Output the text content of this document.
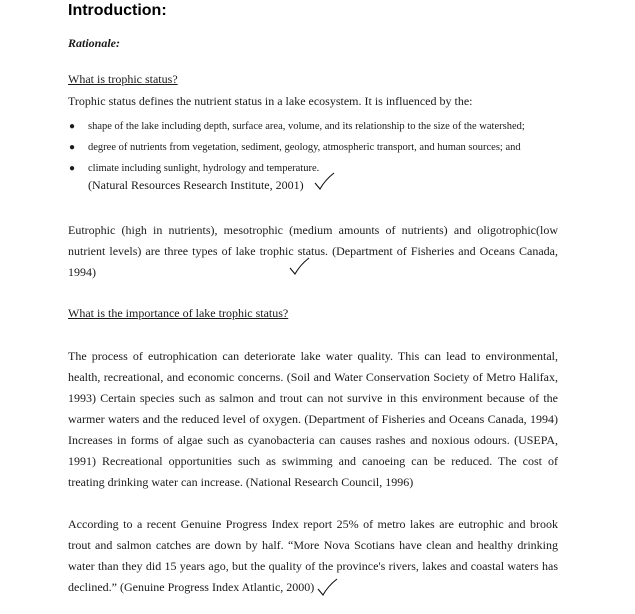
Introduction:
Rationale:
What is trophic status?
Trophic status defines the nutrient status in a lake ecosystem. It is influenced by the:
● shape of the lake including depth, surface area, volume, and its relationship to the size of the watershed;
● degree of nutrients from vegetation, sediment, geology, atmospheric transport, and human sources; and
● climate including sunlight, hydrology and temperature.
(Natural Resources Research Institute, 2001)
Eutrophic (high in nutrients), mesotrophic (medium amounts of nutrients) and oligotrophic(low nutrient levels) are three types of lake trophic status. (Department of Fisheries and Oceans Canada, 1994)
What is the importance of lake trophic status?
The process of eutrophication can deteriorate lake water quality. This can lead to environmental, health, recreational, and economic concerns. (Soil and Water Conservation Society of Metro Halifax, 1993) Certain species such as salmon and trout can not survive in this environment because of the warmer waters and the reduced level of oxygen. (Department of Fisheries and Oceans Canada, 1994) Increases in forms of algae such as cyanobacteria can causes rashes and noxious odours. (USEPA, 1991) Recreational opportunities such as swimming and canoeing can be reduced. The cost of treating drinking water can increase. (National Research Council, 1996)
According to a recent Genuine Progress Index report 25% of metro lakes are eutrophic and brook trout and salmon catches are down by half. “More Nova Scotians have clean and healthy drinking water than they did 15 years ago, but the quality of the province's rivers, lakes and coastal waters has declined.” (Genuine Progress Index Atlantic, 2000)
